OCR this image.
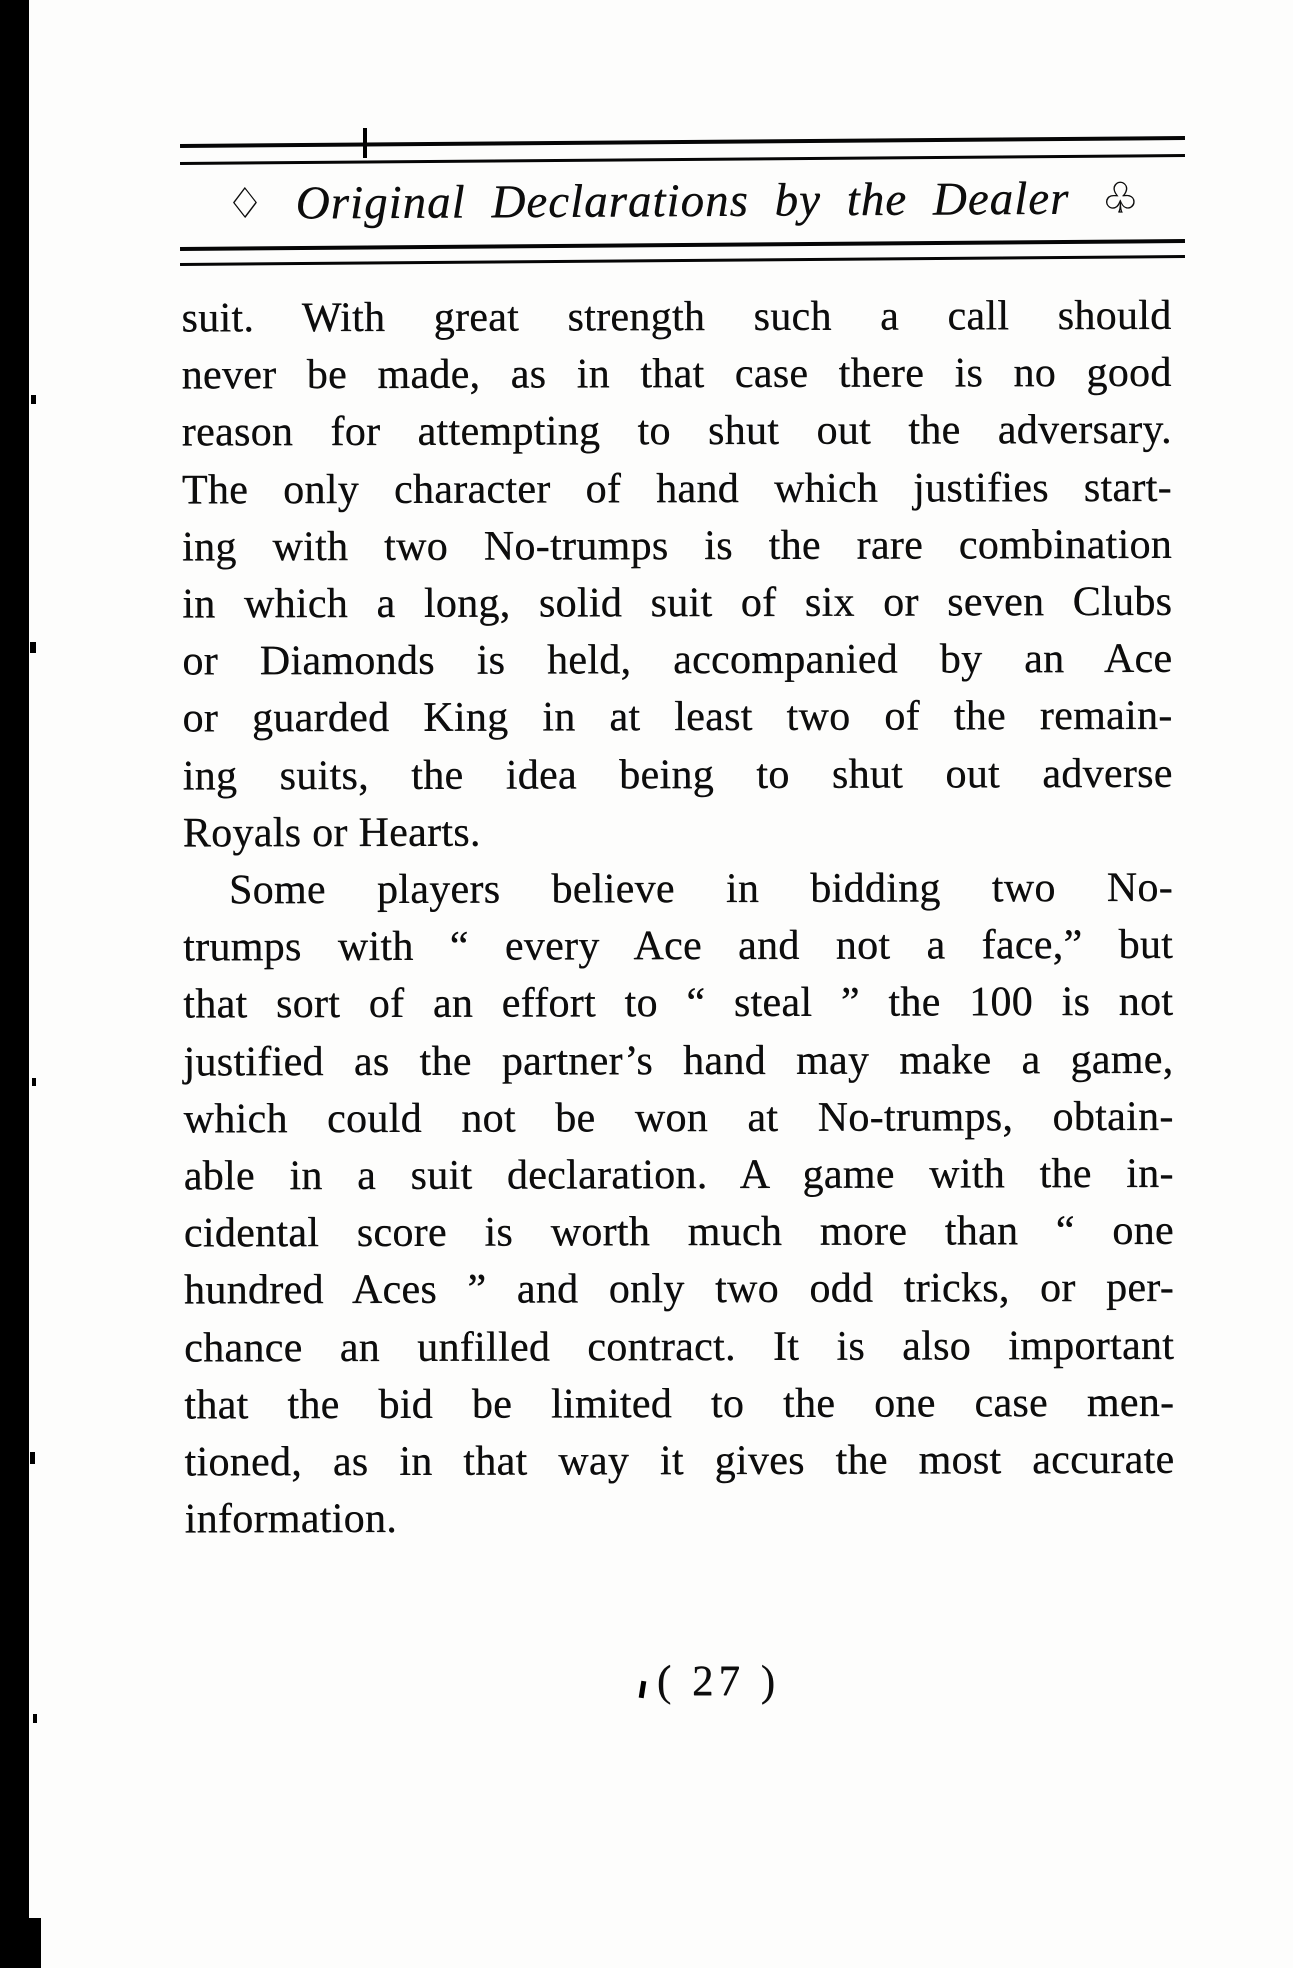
♢ Original Declarations by the Dealer ♧
suit. With great strength such a call should
never be made, as in that case there is no good
reason for attempting to shut out the adversary.
The only character of hand which justifies start-
ing with two No-trumps is the rare combination
in which a long, solid suit of six or seven Clubs
or Diamonds is held, accompanied by an Ace
or guarded King in at least two of the remain-
ing suits, the idea being to shut out adverse
Royals or Hearts.
Some players believe in bidding two No-
trumps with “ every Ace and not a face,” but
that sort of an effort to “ steal ” the 100 is not
justified as the partner’s hand may make a game,
which could not be won at No-trumps, obtain-
able in a suit declaration. A game with the in-
cidental score is worth much more than “ one
hundred Aces ” and only two odd tricks, or per-
chance an unfilled contract. It is also important
that the bid be limited to the one case men-
tioned, as in that way it gives the most accurate
information.
( 27 )
